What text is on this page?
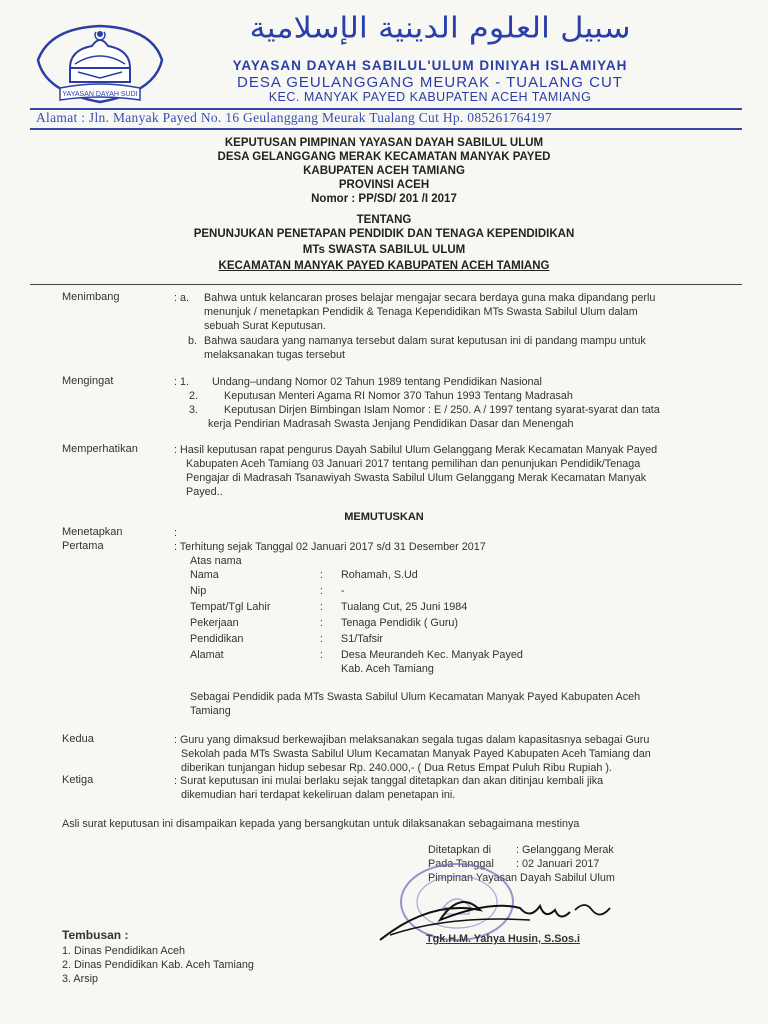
YAYASAN DAYAH SUDI
سبيل العلوم الدينية الإسلامية
YAYASAN DAYAH SABILUL'ULUM DINIYAH ISLAMIYAH
DESA GEULANGGANG MEURAK - TUALANG CUT
KEC. MANYAK PAYED KABUPATEN ACEH TAMIANG
Alamat : Jln. Manyak Payed No. 16 Geulanggang Meurak Tualang Cut Hp. 085261764197
KEPUTUSAN PIMPINAN YAYASAN DAYAH SABILUL ULUM
DESA GELANGGANG MERAK KECAMATAN MANYAK PAYED
KABUPATEN ACEH TAMIANG
PROVINSI ACEH
Nomor : PP/SD/ 201 /I 2017
TENTANG
PENUNJUKAN PENETAPAN PENDIDIK DAN TENAGA KEPENDIDIKAN
MTs SWASTA SABILUL ULUM
KECAMATAN MANYAK PAYED KABUPATEN ACEH TAMIANG
Menimbang	: a. Bahwa untuk kelancaran proses belajar mengajar secara berdaya guna maka dipandang perlu
menunjuk / menetapkan Pendidik & Tenaga Kependidikan MTs Swasta Sabilul Ulum dalam
sebuah Surat Keputusan.
b. Bahwa saudara yang namanya tersebut dalam surat keputusan ini di pandang mampu untuk
melaksanakan tugas tersebut
Mengingat	: 1. Undang–undang Nomor 02 Tahun 1989 tentang Pendidikan Nasional
2. Keputusan Menteri Agama RI Nomor 370 Tahun 1993 Tentang Madrasah
3. Keputusan Dirjen Bimbingan Islam Nomor : E / 250. A / 1997 tentang syarat-syarat dan tata
kerja Pendirian Madrasah Swasta Jenjang Pendidikan Dasar dan Menengah
Memperhatikan	: Hasil keputusan rapat pengurus Dayah Sabilul Ulum Gelanggang Merak Kecamatan Manyak Payed
Kabupaten Aceh Tamiang 03 Januari 2017 tentang pemilihan dan penunjukan Pendidik/Tenaga
Pengajar di Madrasah Tsanawiyah Swasta Sabilul Ulum Gelanggang Merak Kecamatan Manyak
Payed..
MEMUTUSKAN
Menetapkan	:
Pertama	: Terhitung sejak Tanggal 02 Januari 2017 s/d 31 Desember 2017
Atas nama
Nama	: Rohamah, S.Ud
Nip	: -
Tempat/Tgl Lahir	: Tualang Cut, 25 Juni 1984
Pekerjaan	: Tenaga Pendidik ( Guru)
Pendidikan	: S1/Tafsir
Alamat	: Desa Meurandeh Kec. Manyak Payed
Kab. Aceh Tamiang
Sebagai Pendidik pada MTs Swasta Sabilul Ulum Kecamatan Manyak Payed Kabupaten Aceh
Tamiang
Kedua	: Guru yang dimaksud berkewajiban melaksanakan segala tugas dalam kapasitasnya sebagai Guru
Sekolah pada MTs Swasta Sabilul Ulum Kecamatan Manyak Payed Kabupaten Aceh Tamiang dan
diberikan tunjangan hidup sebesar Rp. 240.000,- ( Dua Retus Empat Puluh Ribu Rupiah ).
Ketiga	: Surat keputusan ini mulai berlaku sejak tanggal ditetapkan dan akan ditinjau kembali jika
dikemudian hari terdapat kekeliruan dalam penetapan ini.
Asli surat keputusan ini disampaikan kepada yang bersangkutan untuk dilaksanakan sebagaimana mestinya
Ditetapkan di : Gelanggang Merak
Pada Tanggal : 02 Januari 2017
Pimpinan Yayasan Dayah Sabilul Ulum
Tgk.H.M. Yahya Husin, S.Sos.i
Tembusan :
1. Dinas Pendidikan Aceh
2. Dinas Pendidikan Kab. Aceh Tamiang
3. Arsip
